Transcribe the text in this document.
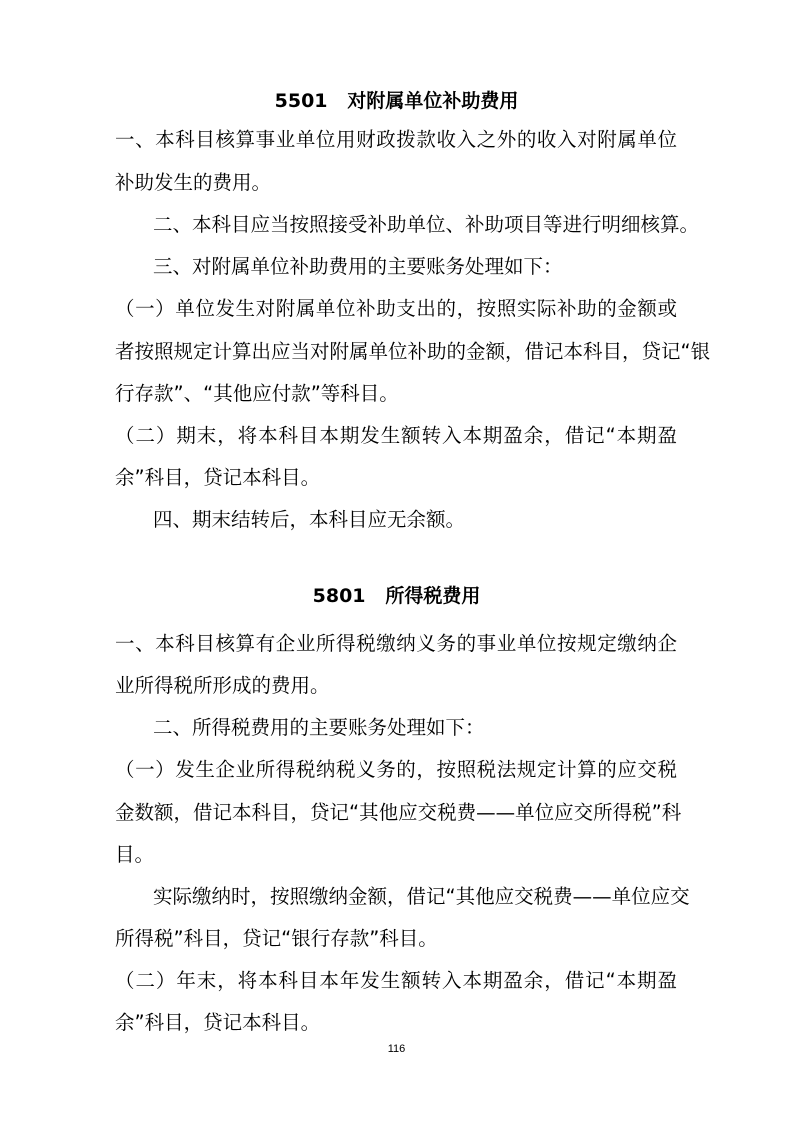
5501   对附属单位补助费用
一、本科目核算事业单位用财政拨款收入之外的收入对附属单位
补助发生的费用。
二、本科目应当按照接受补助单位、补助项目等进行明细核算。
三、对附属单位补助费用的主要账务处理如下：
（一）单位发生对附属单位补助支出的，按照实际补助的金额或
者按照规定计算出应当对附属单位补助的金额，借记本科目，贷记“银
行存款”、“其他应付款”等科目。
（二）期末，将本科目本期发生额转入本期盈余，借记“本期盈
余”科目，贷记本科目。
四、期末结转后，本科目应无余额。
5801   所得税费用
一、本科目核算有企业所得税缴纳义务的事业单位按规定缴纳企
业所得税所形成的费用。
二、所得税费用的主要账务处理如下：
（一）发生企业所得税纳税义务的，按照税法规定计算的应交税
金数额，借记本科目，贷记“其他应交税费——单位应交所得税”科
目。
实际缴纳时，按照缴纳金额，借记“其他应交税费——单位应交
所得税”科目，贷记“银行存款”科目。
（二）年末，将本科目本年发生额转入本期盈余，借记“本期盈
余”科目，贷记本科目。
116
